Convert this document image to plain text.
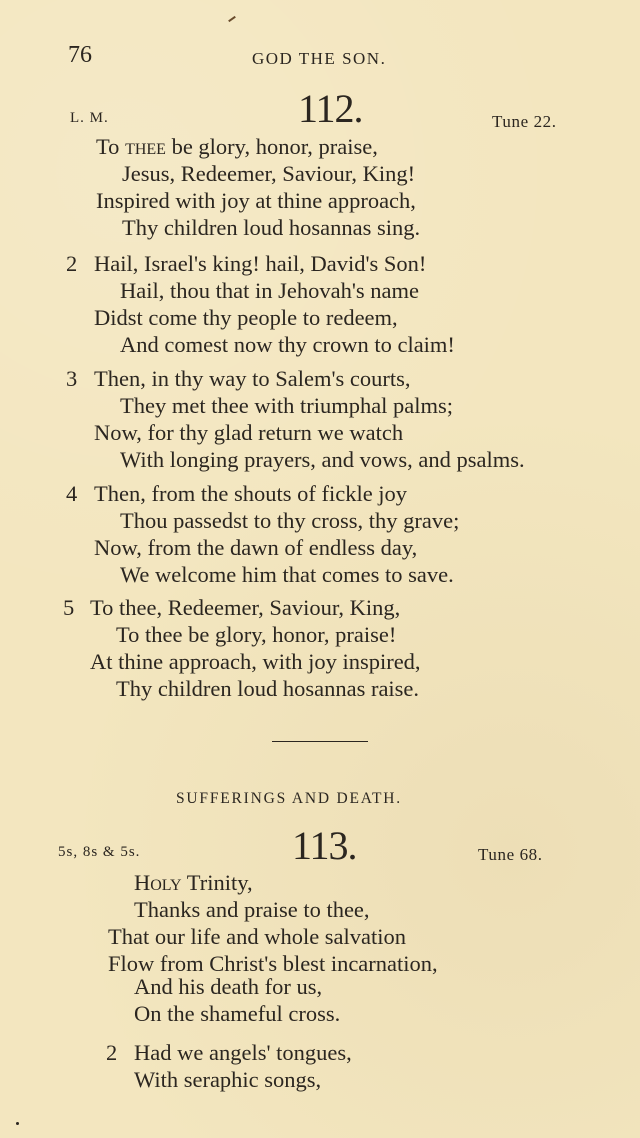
76	GOD THE SON.
L. M.	112.	Tune 22.
To thee be glory, honor, praise,
Jesus, Redeemer, Saviour, King!
Inspired with joy at thine approach,
Thy children loud hosannas sing.
2 Hail, Israel's king! hail, David's Son!
Hail, thou that in Jehovah's name
Didst come thy people to redeem,
And comest now thy crown to claim!
3 Then, in thy way to Salem's courts,
They met thee with triumphal palms;
Now, for thy glad return we watch
With longing prayers, and vows, and psalms.
4 Then, from the shouts of fickle joy
Thou passedst to thy cross, thy grave;
Now, from the dawn of endless day,
We welcome him that comes to save.
5 To thee, Redeemer, Saviour, King,
To thee be glory, honor, praise!
At thine approach, with joy inspired,
Thy children loud hosannas raise.
SUFFERINGS AND DEATH.
5s, 8s & 5s.	113.	Tune 68.
Holy Trinity,
Thanks and praise to thee,
That our life and whole salvation
Flow from Christ's blest incarnation,
And his death for us,
On the shameful cross.
2 Had we angels' tongues,
With seraphic songs,
